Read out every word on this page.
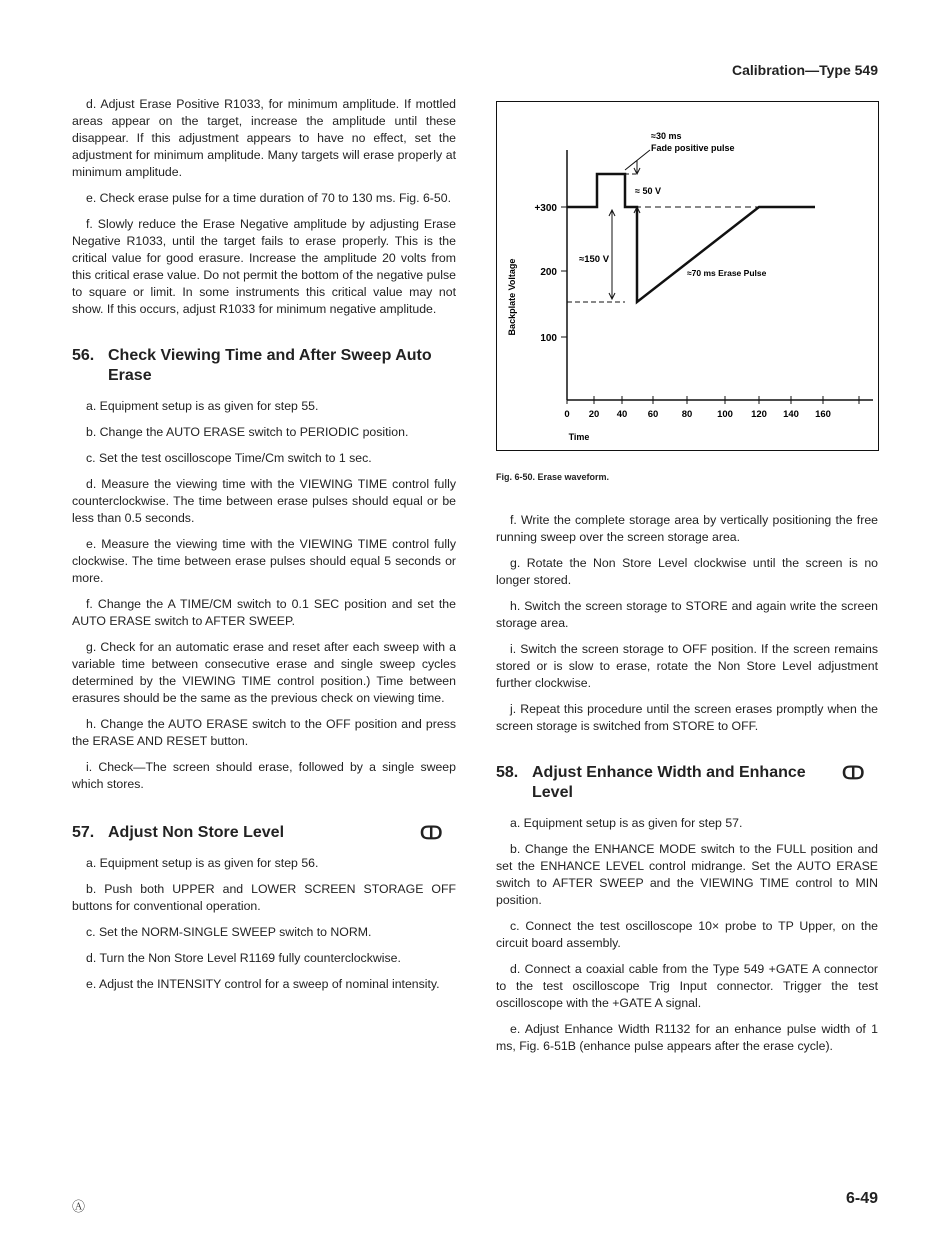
Calibration—Type 549

d. Adjust Erase Positive R1033, for minimum amplitude. If mottled areas appear on the target, increase the amplitude until these disappear. If this adjustment appears to have no effect, set the adjustment for minimum amplitude. Many targets will erase properly at minimum amplitude.

e. Check erase pulse for a time duration of 70 to 130 ms. Fig. 6-50.

f. Slowly reduce the Erase Negative amplitude by adjusting Erase Negative R1033, until the target fails to erase properly. This is the critical value for good erasure. Increase the amplitude 20 volts from this critical erase value. Do not permit the bottom of the negative pulse to square or limit. In some instruments this critical value may not show. If this occurs, adjust R1033 for minimum negative amplitude.

56. Check Viewing Time and After Sweep Auto Erase

a. Equipment setup is as given for step 55.

b. Change the AUTO ERASE switch to PERIODIC position.

c. Set the test oscilloscope Time/Cm switch to 1 sec.

d. Measure the viewing time with the VIEWING TIME control fully counterclockwise. The time between erase pulses should equal or be less than 0.5 seconds.

e. Measure the viewing time with the VIEWING TIME control fully clockwise. The time between erase pulses should equal 5 seconds or more.

f. Change the A TIME/CM switch to 0.1 SEC position and set the AUTO ERASE switch to AFTER SWEEP.

g. Check for an automatic erase and reset after each sweep with a variable time between consecutive erase and single sweep cycles determined by the VIEWING TIME control position.) Time between erasures should be the same as the previous check on viewing time.

h. Change the AUTO ERASE switch to the OFF position and press the ERASE AND RESET button.

i. Check—The screen should erase, followed by a single sweep which stores.

57. Adjust Non Store Level	ↀ

a. Equipment setup is as given for step 56.

b. Push both UPPER and LOWER SCREEN STORAGE OFF buttons for conventional operation.

c. Set the NORM-SINGLE SWEEP switch to NORM.

d. Turn the Non Store Level R1169 fully counterclockwise.

e. Adjust the INTENSITY control for a sweep of nominal intensity.

+300
200
100
Backplate Voltage
0 20 40 60 80	100 120 140 160
Time
≈30 ms
Fade positive pulse
≈ 50 V
≈150 V
≈70 ms Erase Pulse
Fig. 6-50. Erase waveform.

f. Write the complete storage area by vertically positioning the free running sweep over the screen storage area.

g. Rotate the Non Store Level clockwise until the screen is no longer stored.

h. Switch the screen storage to STORE and again write the screen storage area.

i. Switch the screen storage to OFF position. If the screen remains stored or is slow to erase, rotate the Non Store Level adjustment further clockwise.

j. Repeat this procedure until the screen erases promptly when the screen storage is switched from STORE to OFF.

58. Adjust Enhance Width and Enhance Level
ↀ

a. Equipment setup is as given for step 57.

b. Change the ENHANCE MODE switch to the FULL position and set the ENHANCE LEVEL control midrange. Set the AUTO ERASE switch to AFTER SWEEP and the VIEWING TIME control to MIN position.

c. Connect the test oscilloscope 10× probe to TP Upper, on the circuit board assembly.

d. Connect a coaxial cable from the Type 549 +GATE A connector to the test oscilloscope Trig Input connector. Trigger the test oscilloscope with the +GATE A signal.

e. Adjust Enhance Width R1132 for an enhance pulse width of 1 ms, Fig. 6-51B (enhance pulse appears after the erase cycle).

Ⓐ	6-49
